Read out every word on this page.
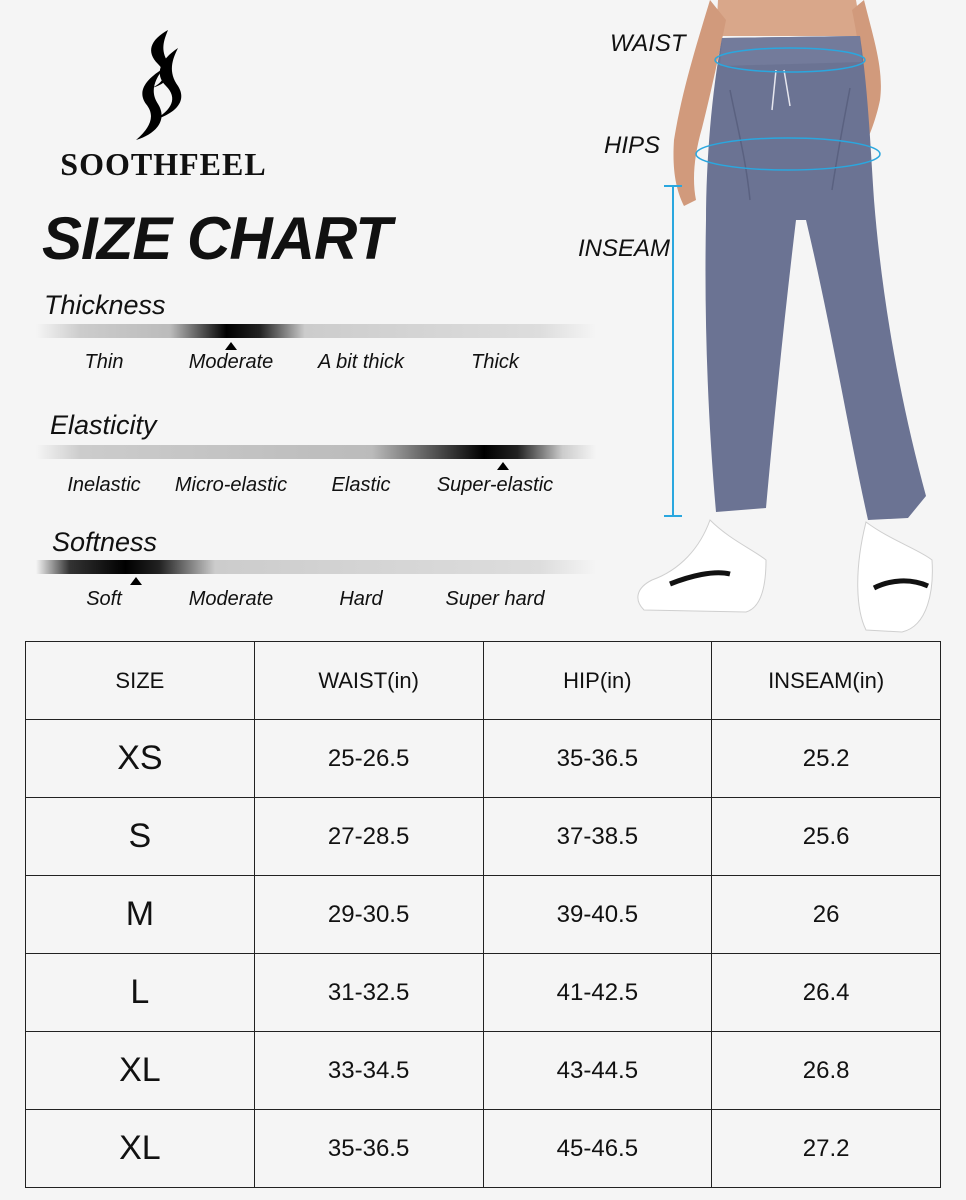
SOOTHFEEL
SIZE CHART
Thickness
Thin	Moderate A bit thick	Thick
Elasticity
Inelastic Micro-elastic Elastic Super-elastic
Softness
Soft	Moderate	Hard	Super hard
WAIST
HIPS
INSEAM
SIZE	WAIST(in)	HIP(in)	INSEAM(in)
XS	25-26.5	35-36.5	25.2
S	27-28.5	37-38.5	25.6
M	29-30.5	39-40.5	26
L	31-32.5	41-42.5	26.4
XL	33-34.5	43-44.5	26.8
XL	35-36.5	45-46.5	27.2
